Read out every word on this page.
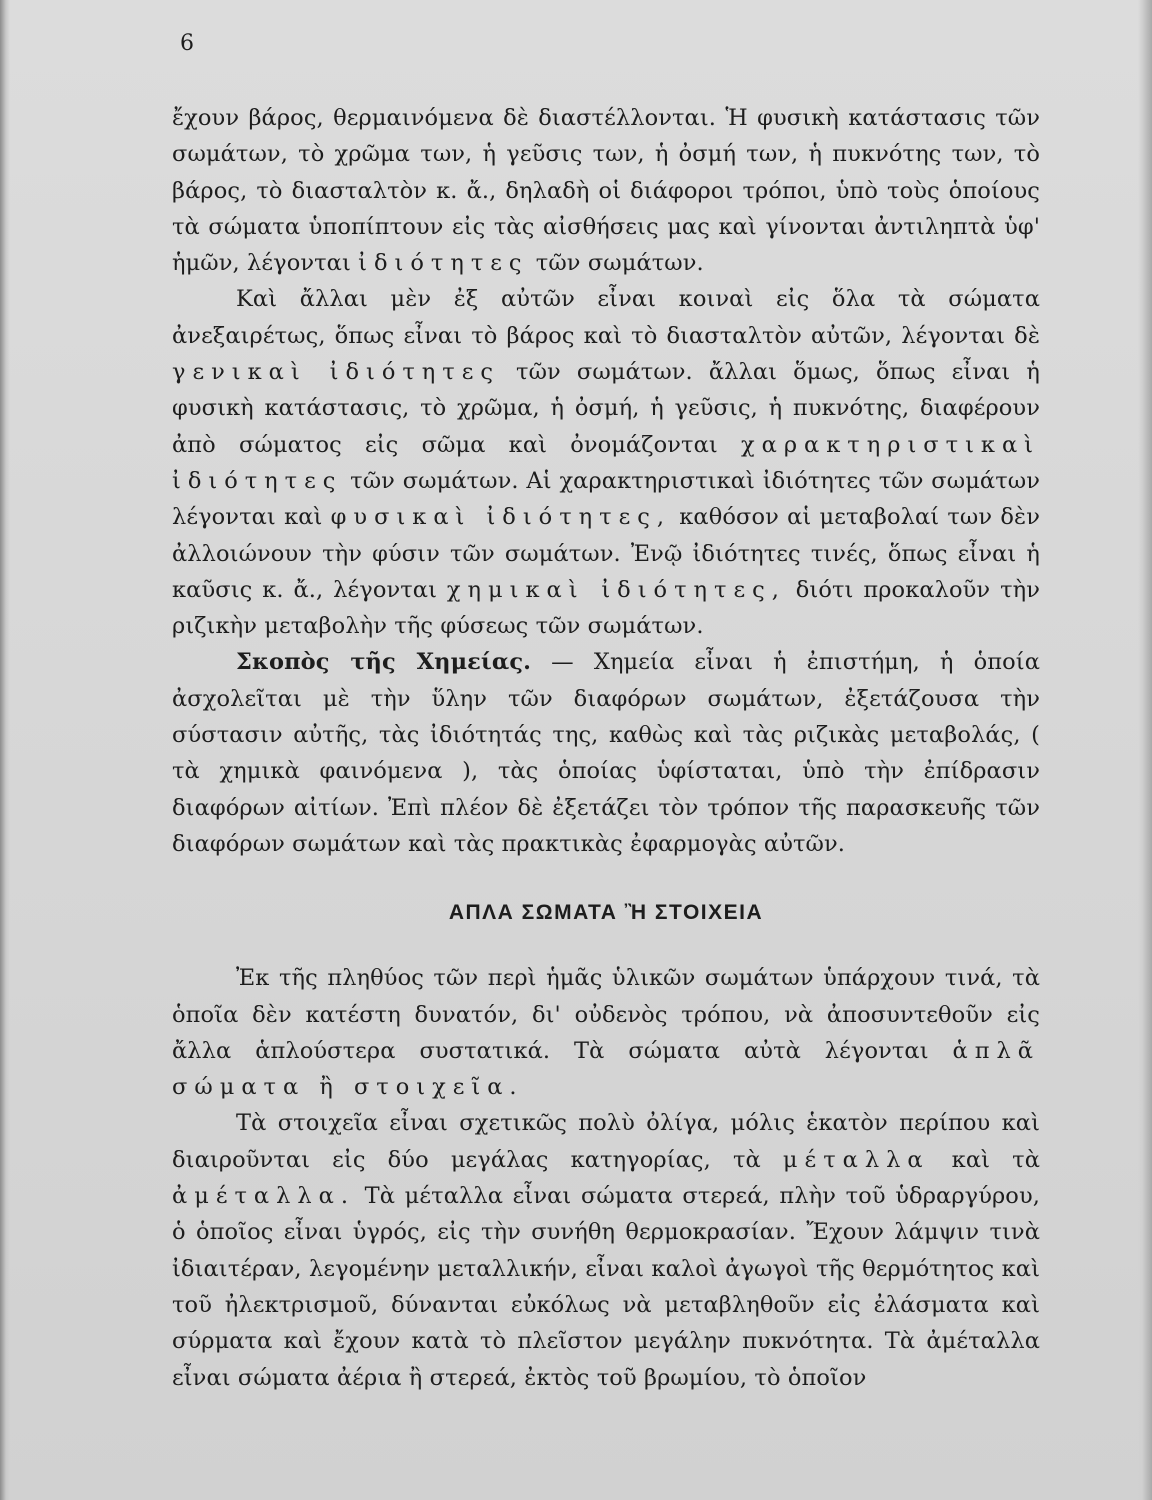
6

ἔχουν βάρος, θερμαινόμενα δὲ διαστέλλονται. Ἡ φυσικὴ κατάστασις τῶν σωμάτων, τὸ χρῶμα των, ἡ γεῦσις των, ἡ ὀσμή των, ἡ πυκνότης των, τὸ βάρος, τὸ διασταλτὸν κ. ἄ., δηλαδὴ οἱ διάφοροι τρόποι, ὑπὸ τοὺς ὁποίους τὰ σώματα ὑποπίπτουν εἰς τὰς αἰσθήσεις μας καὶ γίνονται ἀντιληπτὰ ὑφ' ἡμῶν, λέγονται ἰδιότητες τῶν σωμάτων.

Καὶ ἄλλαι μὲν ἐξ αὐτῶν εἶναι κοιναὶ εἰς ὅλα τὰ σώματα ἀνεξαιρέτως, ὅπως εἶναι τὸ βάρος καὶ τὸ διασταλτὸν αὐτῶν, λέγονται δὲ γενικαὶ ἰδιότητες τῶν σωμάτων. ἄλλαι ὅμως, ὅπως εἶναι ἡ φυσικὴ κατάστασις, τὸ χρῶμα, ἡ ὀσμή, ἡ γεῦσις, ἡ πυκνότης, διαφέρουν ἀπὸ σώματος εἰς σῶμα καὶ ὀνομάζονται χαρακτηριστικαὶ ἰδιότητες τῶν σωμάτων. Αἱ χαρακτηριστικαὶ ἰδιότητες τῶν σωμάτων λέγονται καὶ φυσικαὶ ἰδιότητες, καθόσον αἱ μεταβολαί των δὲν ἀλλοιώνουν τὴν φύσιν τῶν σωμάτων. Ἐνῷ ἰδιότητες τινές, ὅπως εἶναι ἡ καῦσις κ. ἄ., λέγονται χημικαὶ ἰδιότητες, διότι προκαλοῦν τὴν ριζικὴν μεταβολὴν τῆς φύσεως τῶν σωμάτων.

Σκοπὸς τῆς Χημείας. — Χημεία εἶναι ἡ ἐπιστήμη, ἡ ὁποία ἀσχολεῖται μὲ τὴν ὕλην τῶν διαφόρων σωμάτων, ἐξετάζουσα τὴν σύστασιν αὐτῆς, τὰς ἰδιότητάς της, καθὼς καὶ τὰς ριζικὰς μεταβολάς, ( τὰ χημικὰ φαινόμενα ), τὰς ὁποίας ὑφίσταται, ὑπὸ τὴν ἐπίδρασιν διαφόρων αἰτίων. Ἐπὶ πλέον δὲ ἐξετάζει τὸν τρόπον τῆς παρασκευῆς τῶν διαφόρων σωμάτων καὶ τὰς πρακτικὰς ἐφαρμογὰς αὐτῶν.

ΑΠΛΑ ΣΩΜΑΤΑ Ἢ ΣΤΟΙΧΕΙΑ

Ἐκ τῆς πληθύος τῶν περὶ ἡμᾶς ὑλικῶν σωμάτων ὑπάρχουν τινά, τὰ ὁποῖα δὲν κατέστη δυνατόν, δι' οὐδενὸς τρόπου, νὰ ἀποσυντεθοῦν εἰς ἄλλα ἁπλούστερα συστατικά. Τὰ σώματα αὐτὰ λέγονται ἁπλᾶ σώματα ἢ στοιχεῖα.

Τὰ στοιχεῖα εἶναι σχετικῶς πολὺ ὀλίγα, μόλις ἑκατὸν περίπου καὶ διαιροῦνται εἰς δύο μεγάλας κατηγορίας, τὰ μέταλλα καὶ τὰ ἀμέταλλα. Τὰ μέταλλα εἶναι σώματα στερεά, πλὴν τοῦ ὑδραργύρου, ὁ ὁποῖος εἶναι ὑγρός, εἰς τὴν συνήθη θερμοκρασίαν. Ἔχουν λάμψιν τινὰ ἰδιαιτέραν, λεγομένην μεταλλικήν, εἶναι καλοὶ ἀγωγοὶ τῆς θερμότητος καὶ τοῦ ἠλεκτρισμοῦ, δύνανται εὐκόλως νὰ μεταβληθοῦν εἰς ἐλάσματα καὶ σύρματα καὶ ἔχουν κατὰ τὸ πλεῖστον μεγάλην πυκνότητα. Τὰ ἀμέταλλα εἶναι σώματα ἀέρια ἢ στερεά, ἐκτὸς τοῦ βρωμίου, τὸ ὁποῖον
